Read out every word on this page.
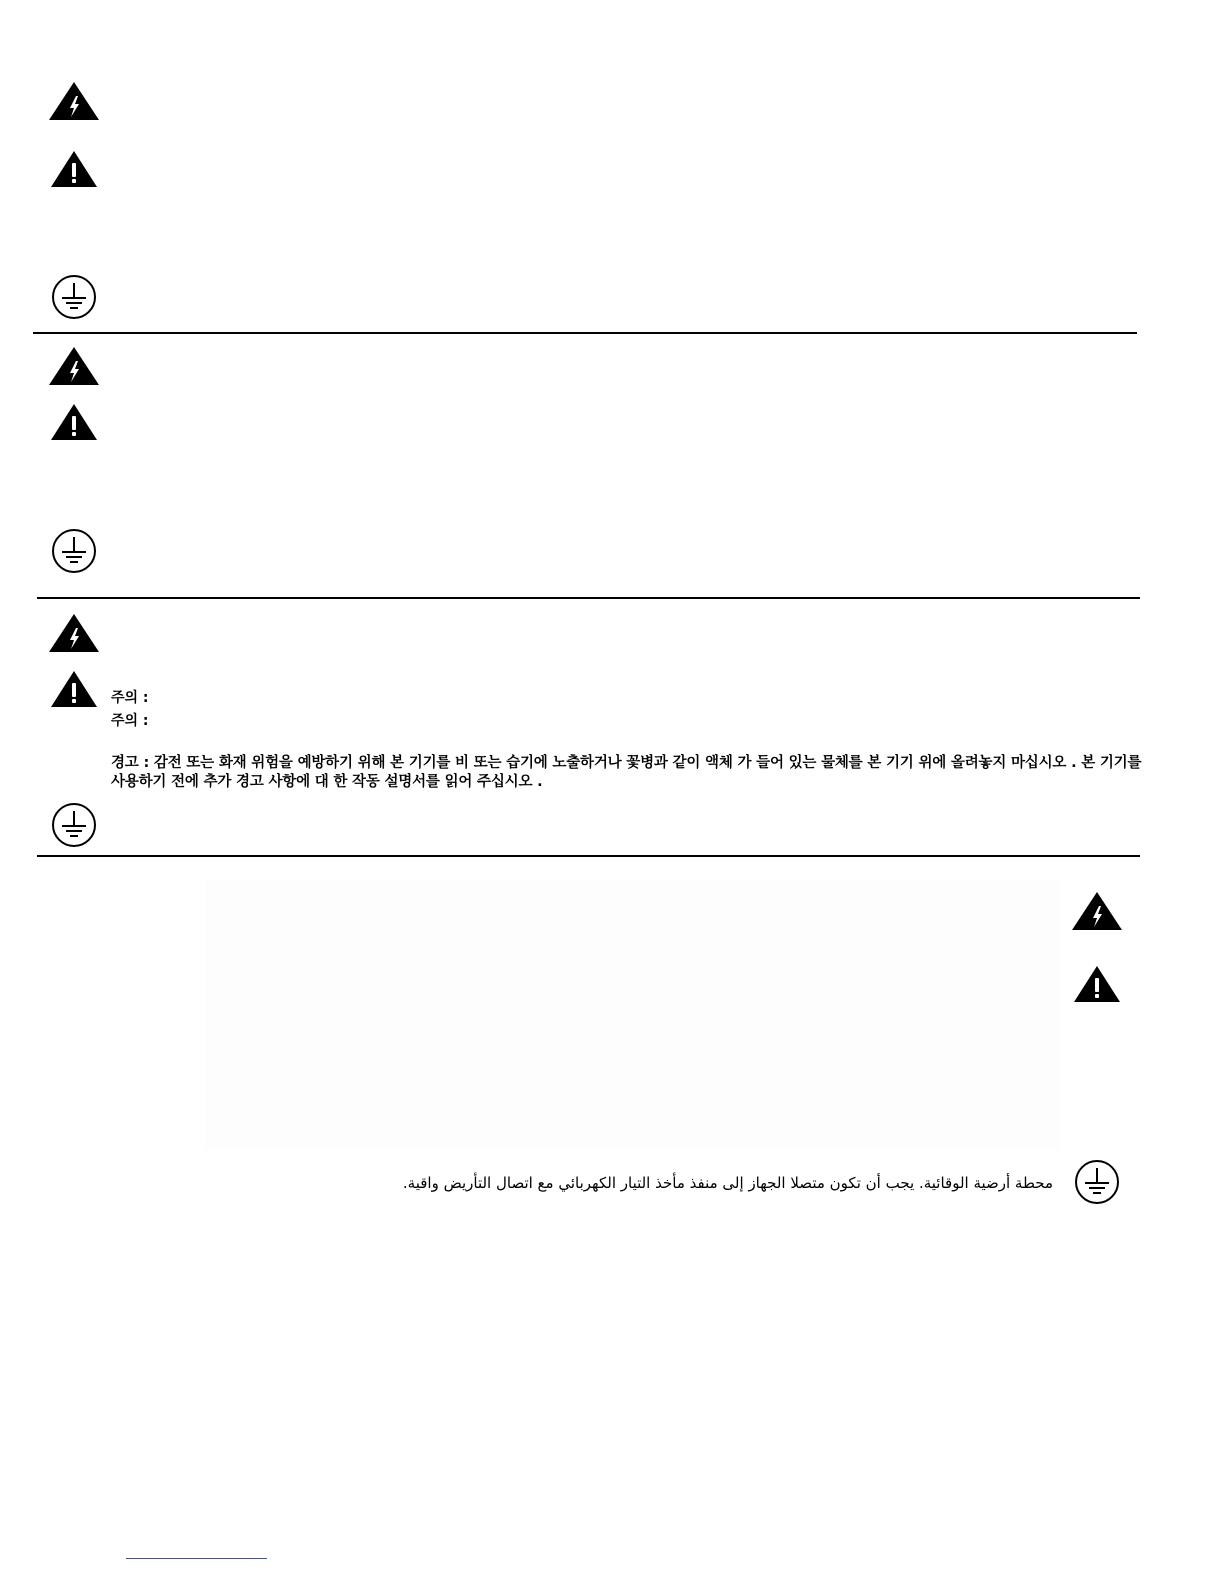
주의 :
주의 :
경고 : 감전 또는 화재 위험을 예방하기 위해 본 기기를 비 또는 습기에 노출하거나 꽃병과 같이 액체 가 들어 있는 물체를 본 기기 위에 올려놓지 마십시오 . 본 기기를 사용하기 전에 추가 경고 사항에 대 한 작동 설명서를 읽어 주십시오 .
محطة أرضية الوقائية. يجب أن تكون متصلا الجهاز إلى منفذ مأخذ التيار الكهربائي مع اتصال التأريض واقية.
